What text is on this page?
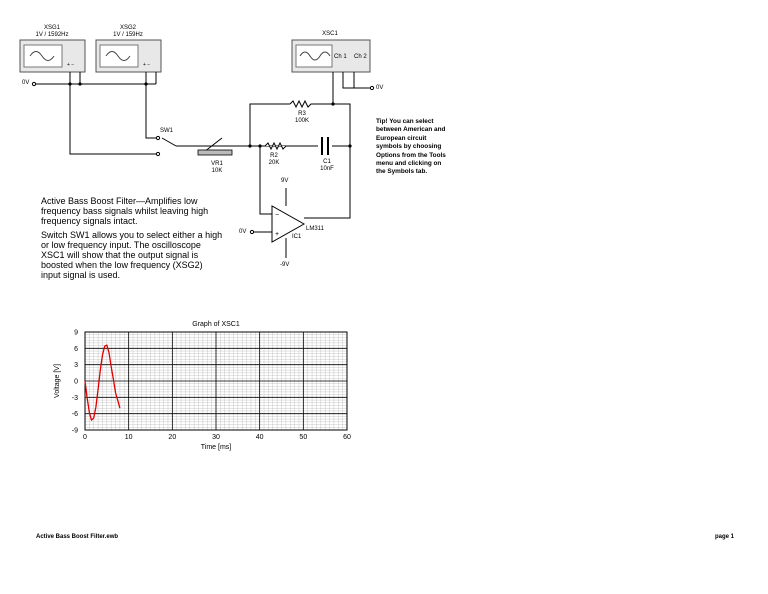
−
+
+ −	+ −
XSG1
1V / 1592Hz
XSG2
1V / 159Hz	XSC1
Ch 1 Ch 2
0V
0V
SW1
VR1
10K
R3
100K
R2
20K	C1
10nF
9V
-9V
0V	LM311
IC1
Tip! You can select between American and European circuit symbols by choosing Options from the Tools menu and clicking on the Symbols tab.
Active Bass Boost Filter—Amplifies low frequency bass signals whilst leaving high frequency signals intact.
Switch SW1 allows you to select either a high or low frequency input. The oscilloscope XSC1 will show that the output signal is boosted when the low frequency (XSG2) input signal is used.
0	10	20	30	40	50	60
9
6
3
0
-3
-6
-9
Graph of XSC1
Time [ms]
Voltage [V]
Active Bass Boost Filter.ewb	page 1
